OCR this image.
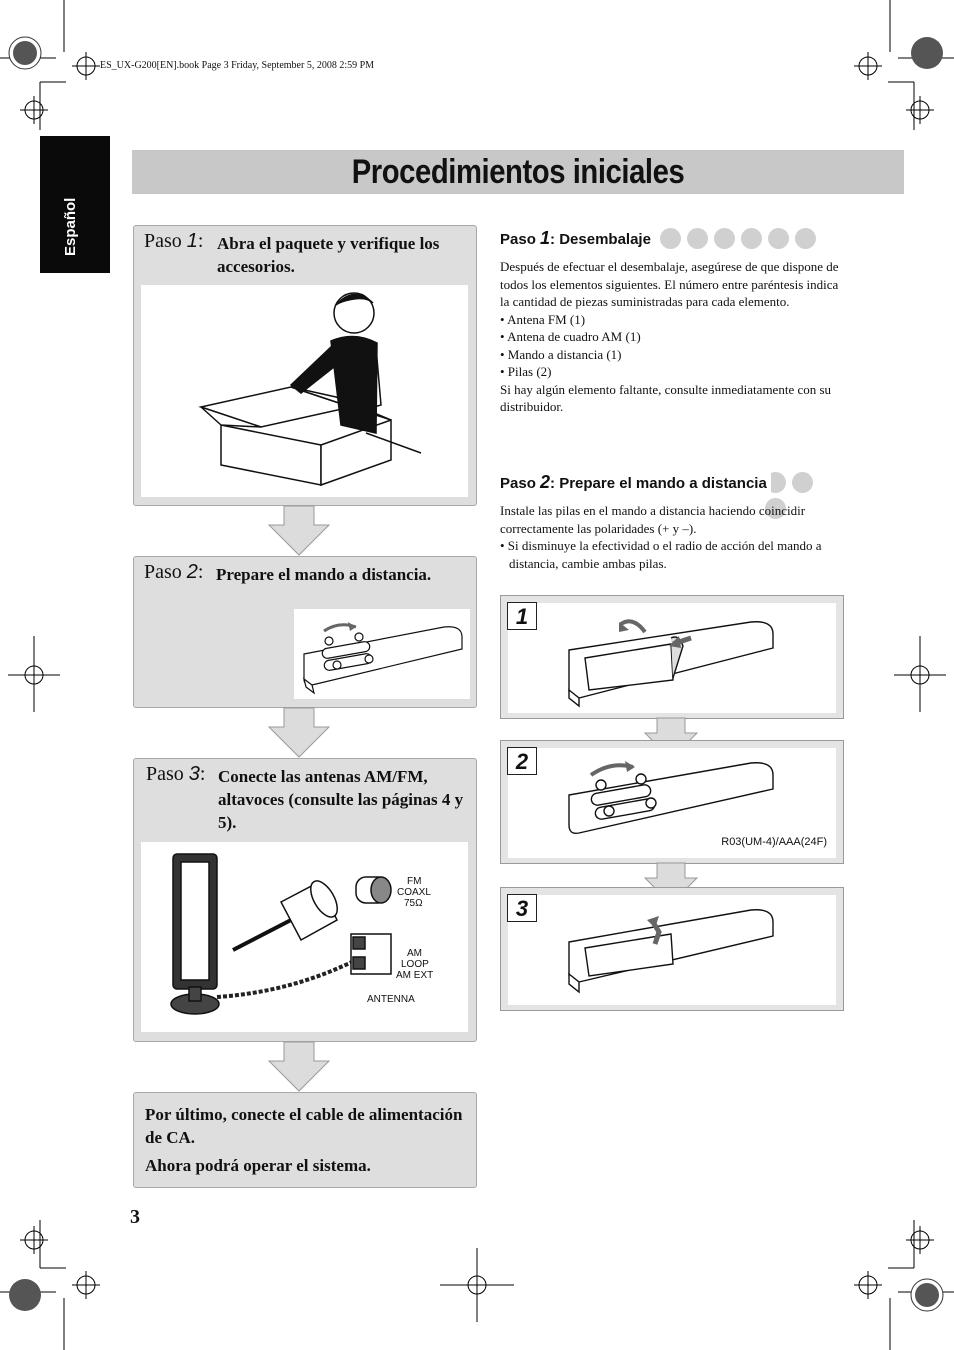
ES_UX-G200[EN].book Page 3 Friday, September 5, 2008 2:59 PM
Español
Procedimientos iniciales
Paso 1: Abra el paquete y verifique los accesorios.
Paso 2: Prepare el mando a distancia.
Paso 3: Conecte las antenas AM/FM, altavoces (consulte las páginas 4 y 5).
FM
COAXL
75Ω
AM
LOOP
AM EXT
ANTENNA
Por último, conecte el cable de alimentación de CA.
Ahora podrá operar el sistema.
Paso 1: Desembalaje

Después de efectuar el desembalaje, asegúrese de que dispone de todos los elementos siguientes. El número entre paréntesis indica la cantidad de piezas suministradas para cada elemento.

• Antena FM (1)

• Antena de cuadro AM (1)

• Mando a distancia (1)

• Pilas (2)

Si hay algún elemento faltante, consulte inmediatamente con su distribuidor.

Paso 2: Prepare el mando a distancia

Instale las pilas en el mando a distancia haciendo coincidir correctamente las polaridades (+ y –).

• Si disminuye la efectividad o el radio de acción del mando a distancia, cambie ambas pilas.

1
2
R03(UM-4)/AAA(24F)
3
3
